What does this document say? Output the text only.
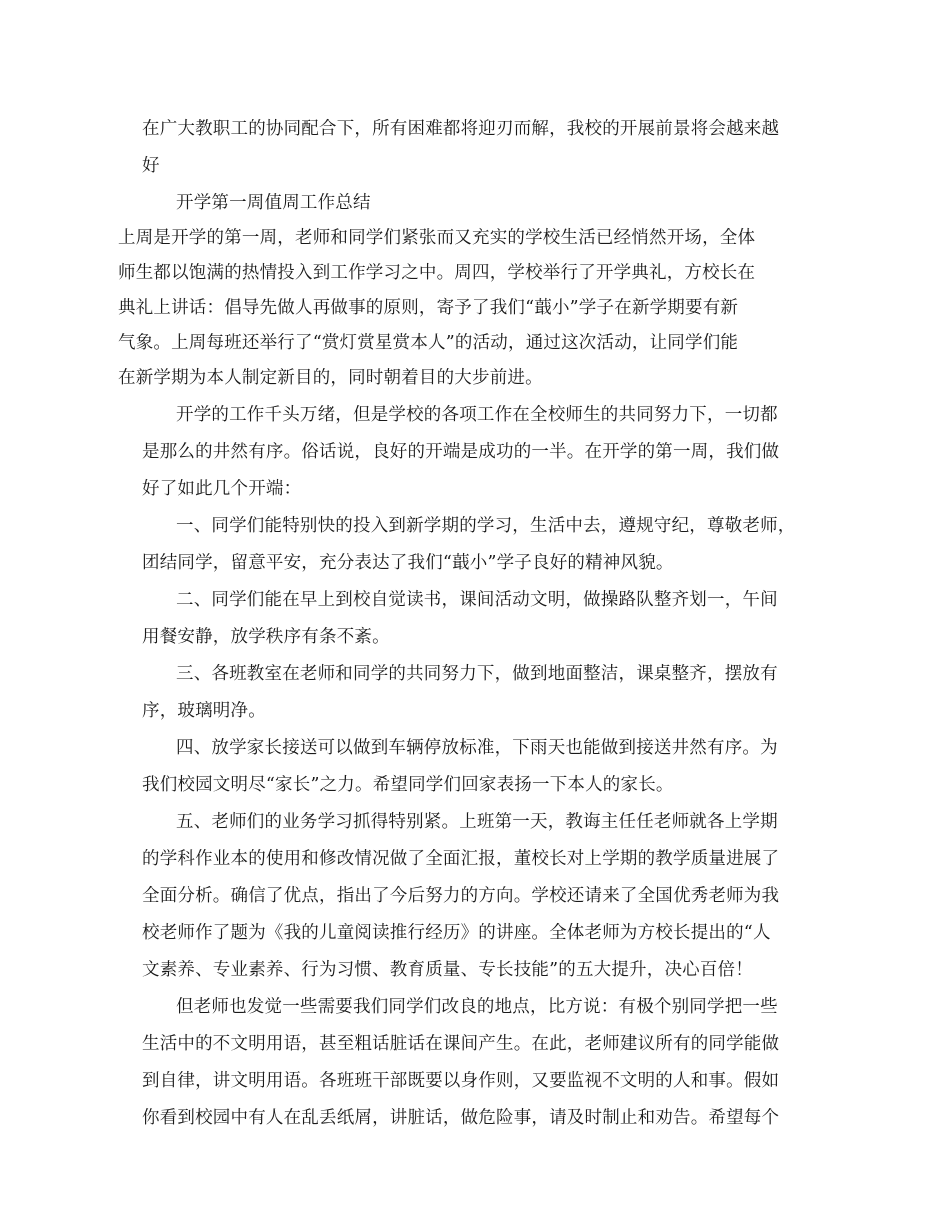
在广大教职工的协同配合下，所有困难都将迎刃而解，我校的开展前景将会越来越
好
开学第一周值周工作总结
上周是开学的第一周，老师和同学们紧张而又充实的学校生活已经悄然开场，全体
师生都以饱满的热情投入到工作学习之中。周四，学校举行了开学典礼，方校长在
典礼上讲话：倡导先做人再做事的原则，寄予了我们“蕺小”学子在新学期要有新
气象。上周每班还举行了“赏灯赏星赏本人”的活动，通过这次活动，让同学们能
在新学期为本人制定新目的，同时朝着目的大步前进。
开学的工作千头万绪，但是学校的各项工作在全校师生的共同努力下，一切都
是那么的井然有序。俗话说，良好的开端是成功的一半。在开学的第一周，我们做
好了如此几个开端：
一、同学们能特别快的投入到新学期的学习，生活中去，遵规守纪，尊敬老师，
团结同学，留意平安，充分表达了我们“蕺小”学子良好的精神风貌。
二、同学们能在早上到校自觉读书，课间活动文明，做操路队整齐划一，午间
用餐安静，放学秩序有条不紊。
三、各班教室在老师和同学的共同努力下，做到地面整洁，课桌整齐，摆放有
序，玻璃明净。
四、放学家长接送可以做到车辆停放标准，下雨天也能做到接送井然有序。为
我们校园文明尽“家长”之力。希望同学们回家表扬一下本人的家长。
五、老师们的业务学习抓得特别紧。上班第一天，教诲主任任老师就各上学期
的学科作业本的使用和修改情况做了全面汇报，董校长对上学期的教学质量进展了
全面分析。确信了优点，指出了今后努力的方向。学校还请来了全国优秀老师为我
校老师作了题为《我的儿童阅读推行经历》的讲座。全体老师为方校长提出的“人
文素养、专业素养、行为习惯、教育质量、专长技能”的五大提升，决心百倍！
但老师也发觉一些需要我们同学们改良的地点，比方说：有极个别同学把一些
生活中的不文明用语，甚至粗话脏话在课间产生。在此，老师建议所有的同学能做
到自律，讲文明用语。各班班干部既要以身作则，又要监视不文明的人和事。假如
你看到校园中有人在乱丢纸屑，讲脏话，做危险事，请及时制止和劝告。希望每个
